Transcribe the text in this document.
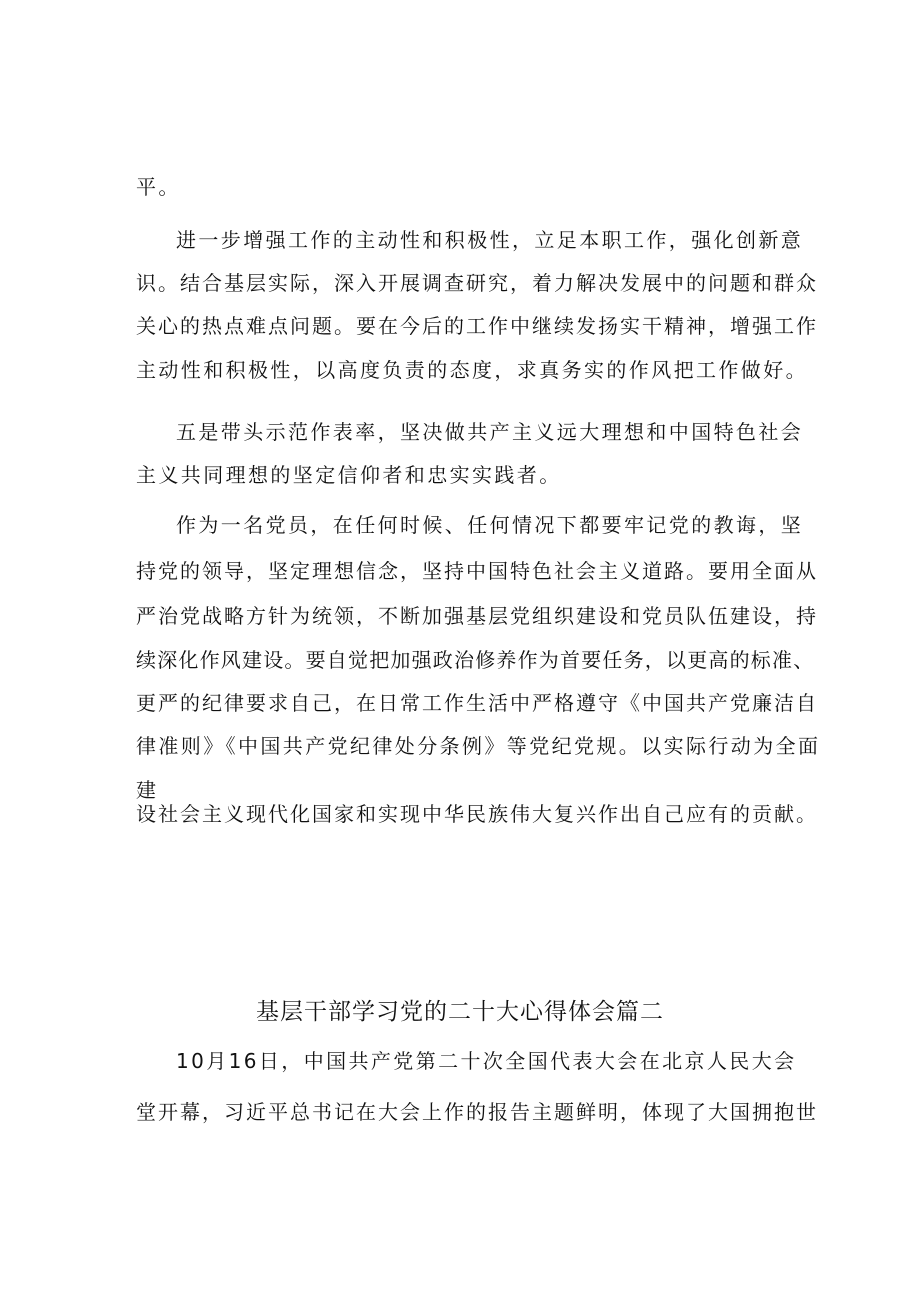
平。
进一步增强工作的主动性和积极性，立足本职工作，强化创新意
识。结合基层实际，深入开展调查研究，着力解决发展中的问题和群众
关心的热点难点问题。要在今后的工作中继续发扬实干精神，增强工作
主动性和积极性，以高度负责的态度，求真务实的作风把工作做好。
五是带头示范作表率，坚决做共产主义远大理想和中国特色社会
主义共同理想的坚定信仰者和忠实实践者。
作为一名党员，在任何时候、任何情况下都要牢记党的教诲，坚
持党的领导，坚定理想信念，坚持中国特色社会主义道路。要用全面从
严治党战略方针为统领，不断加强基层党组织建设和党员队伍建设，持
续深化作风建设。要自觉把加强政治修养作为首要任务，以更高的标准、
更严的纪律要求自己，在日常工作生活中严格遵守《中国共产党廉洁自
律准则》《中国共产党纪律处分条例》等党纪党规。以实际行动为全面
建
设社会主义现代化国家和实现中华民族伟大复兴作出自己应有的贡献。
基层干部学习党的二十大心得体会篇二
10月16日，中国共产党第二十次全国代表大会在北京人民大会
堂开幕，习近平总书记在大会上作的报告主题鲜明，体现了大国拥抱世
